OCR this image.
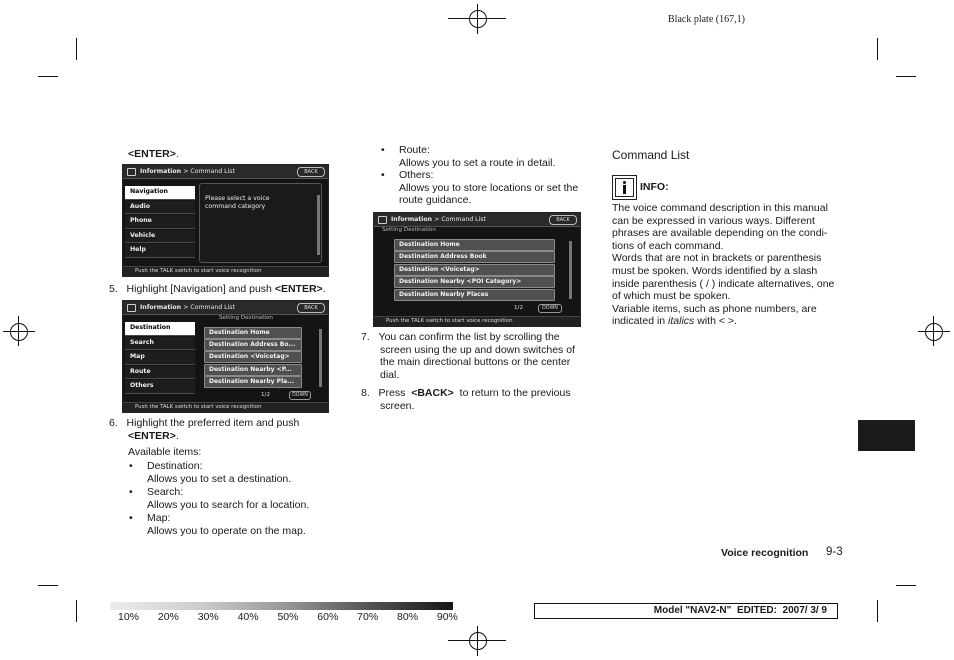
Black plate (167,1)
<ENTER>.
Information > Command List	BACK
Navigation
Audio
Phone
Vehicle
Help
Please select a voice
command category
Push the TALK switch to start voice recognition
5. Highlight [Navigation] and push <ENTER>.
Information > Command List	BACK
Setting Destination
Destination
Search
Map
Route
Others
Destination Home
Destination Address Bo...
Destination <Voicetag>
Destination Nearby <P...
Destination Nearby Pla...
1/2	DOWN
Push the TALK switch to start voice recognition
6. Highlight the preferred item and push
<ENTER>.
Available items:
• Destination:
Allows you to set a destination.
• Search:
Allows you to search for a location.
• Map:
Allows you to operate on the map.
• Route:
Allows you to set a route in detail.
• Others:
Allows you to store locations or set the
route guidance.
Information > Command List	BACK
Setting Destination
Destination Home
Destination Address Book
Destination <Voicetag>
Destination Nearby <POI Category>
Destination Nearby Places
1/2	DOWN
Push the TALK switch to start voice recognition
7. You can confirm the list by scrolling the
screen using the up and down switches of
the main directional buttons or the center
dial.
8. Press <BACK> to return to the previous
screen.
Command List
INFO:
The voice command description in this manual
can be expressed in various ways. Different
phrases are available depending on the condi-
tions of each command.
Words that are not in brackets or parenthesis
must be spoken. Words identified by a slash
inside parenthesis ( / ) indicate alternatives, one
of which must be spoken.
Variable items, such as phone numbers, are
indicated in italics with < >.
Voice recognition 9-3
10% 20% 30% 40% 50% 60% 70% 80% 90%
Model "NAV2-N"  EDITED:  2007/ 3/ 9
